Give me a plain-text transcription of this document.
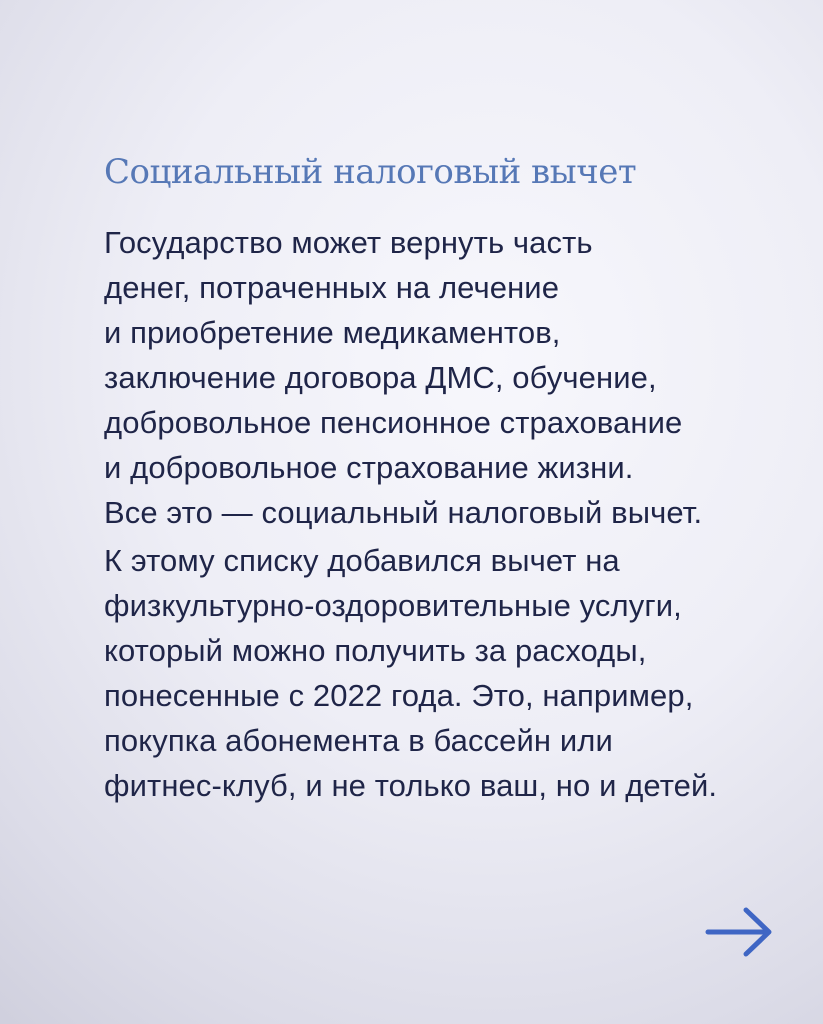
Социальный налоговый вычет

Государство может вернуть часть
денег, потраченных на лечение
и приобретение медикаментов,
заключение договора ДМС, обучение,
добровольное пенсионное страхование
и добровольное страхование жизни.
Все это — социальный налоговый вычет.

К этому списку добавился вычет на
физкультурно-оздоровительные услуги,
который можно получить за расходы,
понесенные с 2022 года. Это, например,
покупка абонемента в бассейн или
фитнес-клуб, и не только ваш, но и детей.
